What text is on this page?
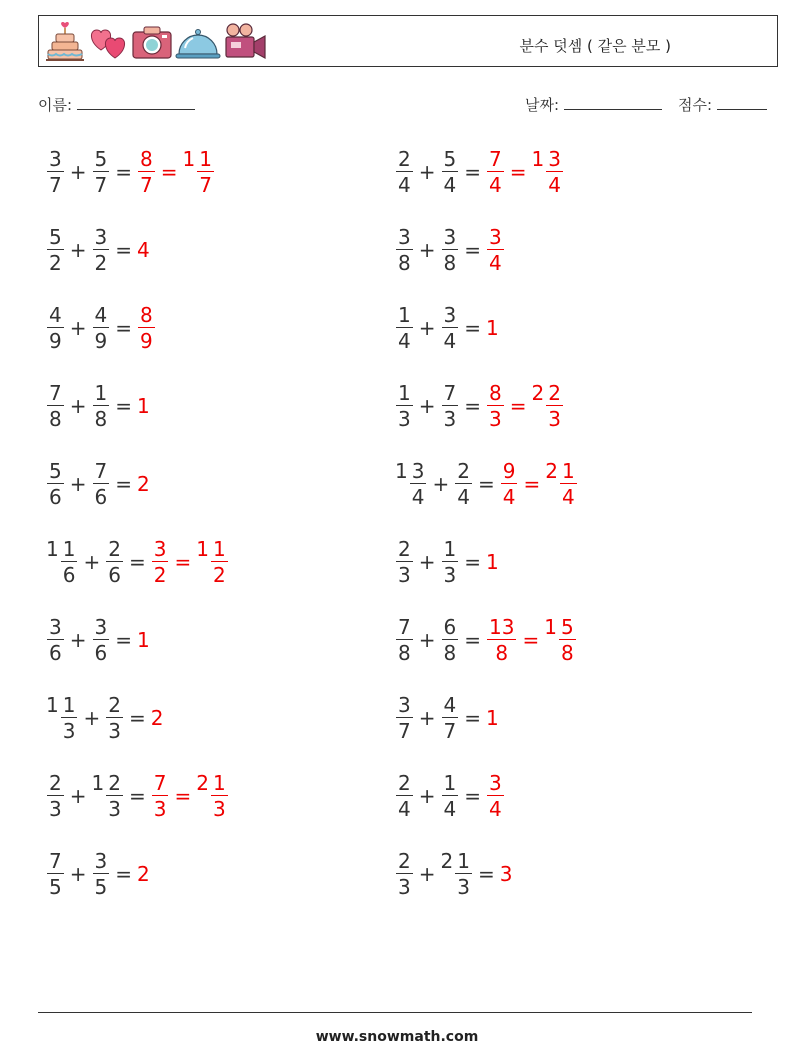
분수 덧셈 ( 같은 분모 )
이름:	날짜:	점수:
$\frac{3}{7} + \frac{5}{7} = \frac{8}{7}$ =
$1 \frac{1}{7}$
$\frac{5}{2} + \frac{3}{2} = 4$
$\frac{4}{9} + \frac{4}{9} = \frac{8}{9}$
$\frac{7}{8} + \frac{1}{8} = 1$
$\frac{5}{6} + \frac{7}{6} = 2$
$1 \frac{1}{6} + \frac{2}{6} = \frac{3}{2}$ =
$1 \frac{1}{2}$
$\frac{3}{6} + \frac{3}{6} = 1$
$1 \frac{1}{3} + \frac{2}{3} = 2$
$\frac{2}{3}$ +
$1 \frac{2}{3} = \frac{7}{3}$ =
$2 \frac{1}{3}$
$\frac{7}{5} + \frac{3}{5} = 2$
$\frac{2}{4} + \frac{5}{4} = \frac{7}{4}$ =
$1 \frac{3}{4}$
$\frac{3}{8} + \frac{3}{8} = \frac{3}{4}$
$\frac{1}{4} + \frac{3}{4} = 1$
$\frac{1}{3} + \frac{7}{3} = \frac{8}{3}$ =
$2 \frac{2}{3}$
$1 \frac{3}{4} + \frac{2}{4} = \frac{9}{4}$ =
$2 \frac{1}{4}$
$\frac{2}{3} + \frac{1}{3} = 1$
$\frac{7}{8} + \frac{6}{8} = \frac{13}{8}$ =
$1 \frac{5}{8}$
$\frac{3}{7} + \frac{4}{7} = 1$
$\frac{2}{4} + \frac{1}{4} = \frac{3}{4}$
$\frac{2}{3}$ +
$2 \frac{1}{3} = 3$
www.snowmath.com
